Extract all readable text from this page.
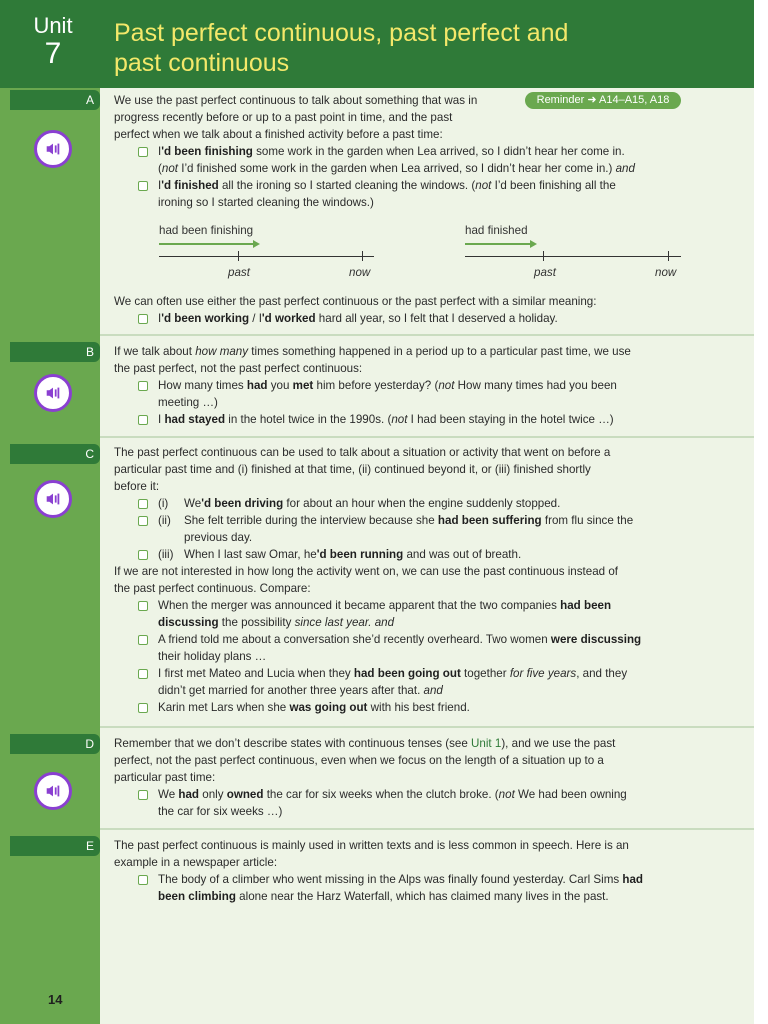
Unit
7
Past perfect continuous, past perfect and
past continuous
A
B
C
D
E
Reminder ➜ A14–A15, A18

We use the past perfect continuous to talk about something that was in

progress recently before or up to a past point in time, and the past

perfect when we talk about a finished activity before a past time:

I'd been finishing some work in the garden when Lea arrived, so I didn’t hear her come in.

(not I’d finished some work in the garden when Lea arrived, so I didn’t hear her come in.) and

I'd finished all the ironing so I started cleaning the windows. (not I’d been finishing all the

ironing so I started cleaning the windows.)

had been finishing
past	now
had finished
past	now

We can often use either the past perfect continuous or the past perfect with a similar meaning:

I'd been working / I'd worked hard all year, so I felt that I deserved a holiday.

If we talk about how many times something happened in a period up to a particular past time, we use

the past perfect, not the past perfect continuous:

How many times had you met him before yesterday? (not How many times had you been

meeting …)

I had stayed in the hotel twice in the 1990s. (not I had been staying in the hotel twice …)

The past perfect continuous can be used to talk about a situation or activity that went on before a

particular past time and (i) finished at that time, (ii) continued beyond it, or (iii) finished shortly

before it:

(i) We'd been driving for about an hour when the engine suddenly stopped.

(ii) She felt terrible during the interview because she had been suffering from flu since the

previous day.

(iii) When I last saw Omar, he'd been running and was out of breath.

If we are not interested in how long the activity went on, we can use the past continuous instead of

the past perfect continuous. Compare:

When the merger was announced it became apparent that the two companies had been

discussing the possibility since last year. and

A friend told me about a conversation she’d recently overheard. Two women were discussing

their holiday plans …

I first met Mateo and Lucia when they had been going out together for five years, and they

didn’t get married for another three years after that. and

Karin met Lars when she was going out with his best friend.

Remember that we don’t describe states with continuous tenses (see Unit 1), and we use the past

perfect, not the past perfect continuous, even when we focus on the length of a situation up to a

particular past time:

We had only owned the car for six weeks when the clutch broke. (not We had been owning

the car for six weeks …)

The past perfect continuous is mainly used in written texts and is less common in speech. Here is an

example in a newspaper article:

The body of a climber who went missing in the Alps was finally found yesterday. Carl Sims had

been climbing alone near the Harz Waterfall, which has claimed many lives in the past.

14
